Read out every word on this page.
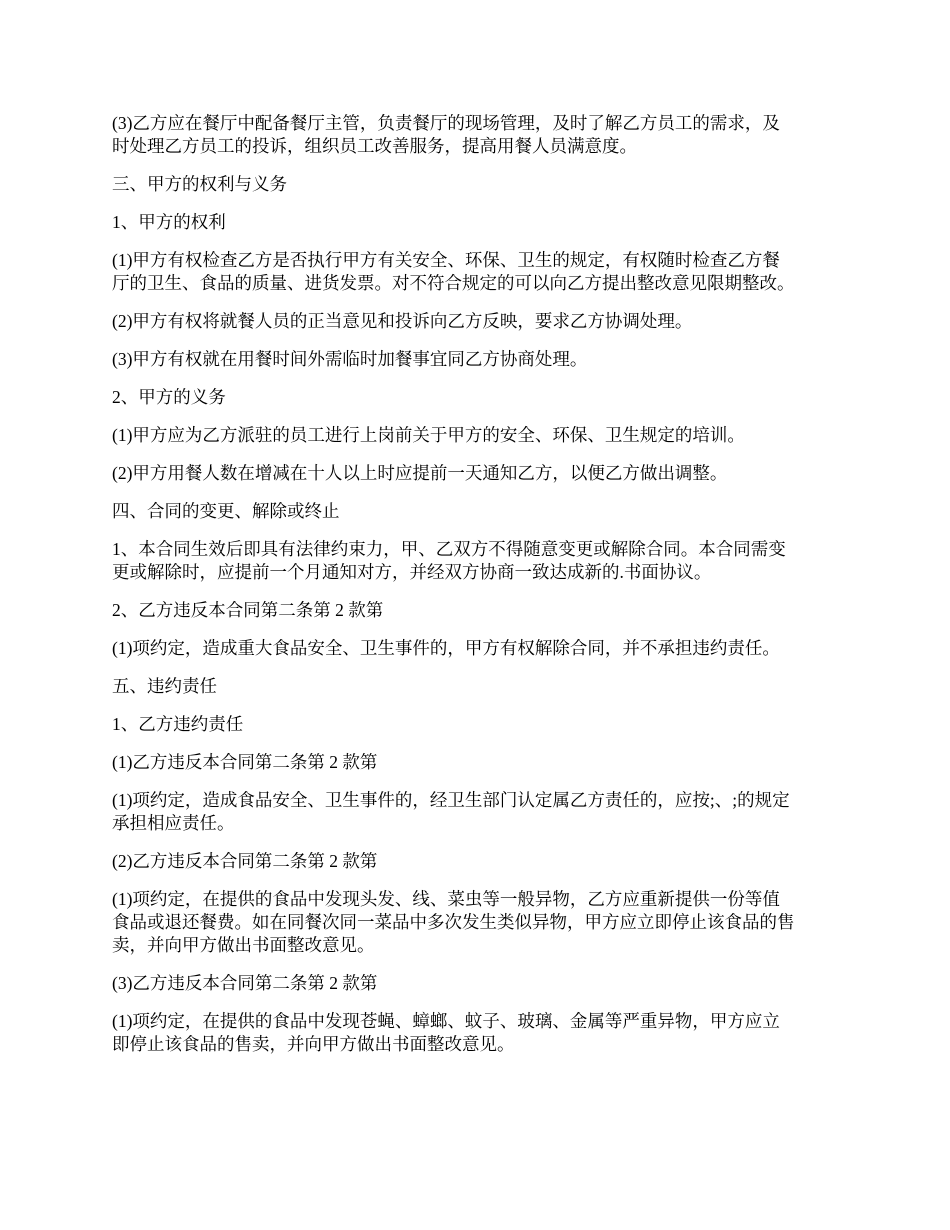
(3)乙方应在餐厅中配备餐厅主管，负责餐厅的现场管理，及时了解乙方员工的需求，及
时处理乙方员工的投诉，组织员工改善服务，提高用餐人员满意度。

三、甲方的权利与义务

1、甲方的权利

(1)甲方有权检查乙方是否执行甲方有关安全、环保、卫生的规定，有权随时检查乙方餐
厅的卫生、食品的质量、进货发票。对不符合规定的可以向乙方提出整改意见限期整改。

(2)甲方有权将就餐人员的正当意见和投诉向乙方反映，要求乙方协调处理。

(3)甲方有权就在用餐时间外需临时加餐事宜同乙方协商处理。

2、甲方的义务

(1)甲方应为乙方派驻的员工进行上岗前关于甲方的安全、环保、卫生规定的培训。

(2)甲方用餐人数在增减在十人以上时应提前一天通知乙方，以便乙方做出调整。

四、合同的变更、解除或终止

1、本合同生效后即具有法律约束力，甲、乙双方不得随意变更或解除合同。本合同需变
更或解除时，应提前一个月通知对方，并经双方协商一致达成新的.书面协议。

2、乙方违反本合同第二条第 2 款第

(1)项约定，造成重大食品安全、卫生事件的，甲方有权解除合同，并不承担违约责任。

五、违约责任

1、乙方违约责任

(1)乙方违反本合同第二条第 2 款第

(1)项约定，造成食品安全、卫生事件的，经卫生部门认定属乙方责任的，应按;、;的规定
承担相应责任。

(2)乙方违反本合同第二条第 2 款第

(1)项约定，在提供的食品中发现头发、线、菜虫等一般异物，乙方应重新提供一份等值
食品或退还餐费。如在同餐次同一菜品中多次发生类似异物，甲方应立即停止该食品的售
卖，并向甲方做出书面整改意见。

(3)乙方违反本合同第二条第 2 款第

(1)项约定，在提供的食品中发现苍蝇、蟑螂、蚊子、玻璃、金属等严重异物，甲方应立
即停止该食品的售卖，并向甲方做出书面整改意见。
